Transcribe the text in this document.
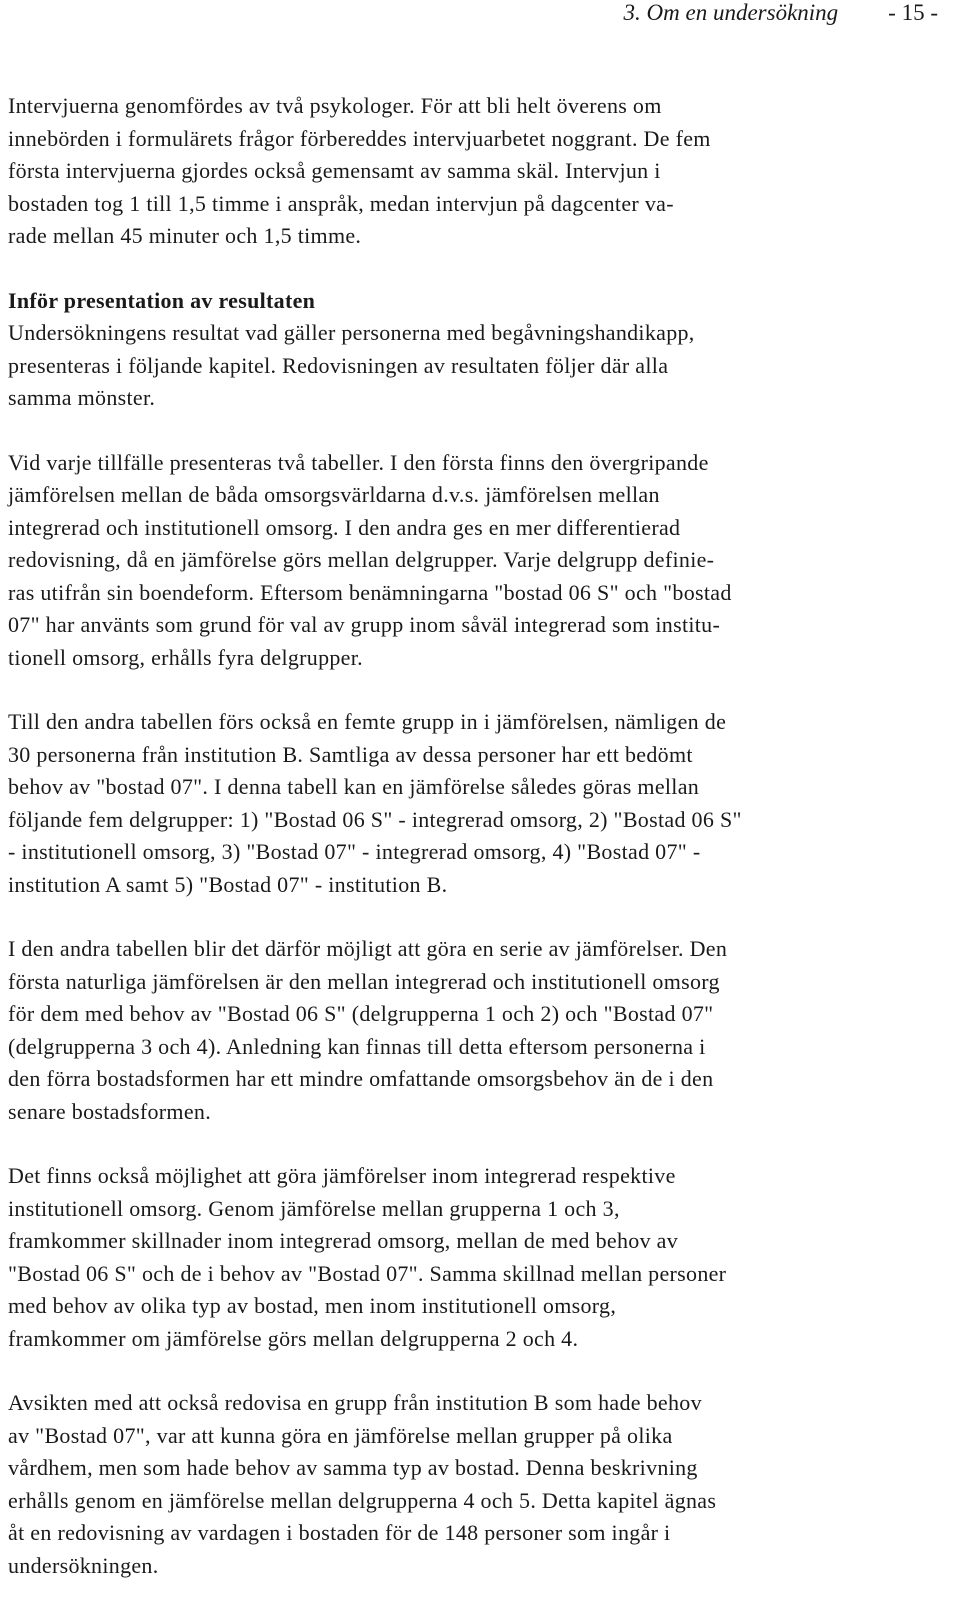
3. Om en undersökning - 15 -

Intervjuerna genomfördes av två psykologer. För att bli helt överens om
innebörden i formulärets frågor förbereddes intervjuarbetet noggrant. De fem
första intervjuerna gjordes också gemensamt av samma skäl. Intervjun i
bostaden tog 1 till 1,5 timme i anspråk, medan intervjun på dagcenter va-
rade mellan 45 minuter och 1,5 timme.

Inför presentation av resultaten
Undersökningens resultat vad gäller personerna med begåvningshandikapp,
presenteras i följande kapitel. Redovisningen av resultaten följer där alla
samma mönster.

Vid varje tillfälle presenteras två tabeller. I den första finns den övergripande
jämförelsen mellan de båda omsorgsvärldarna d.v.s. jämförelsen mellan
integrerad och institutionell omsorg. I den andra ges en mer differentierad
redovisning, då en jämförelse görs mellan delgrupper. Varje delgrupp definie-
ras utifrån sin boendeform. Eftersom benämningarna "bostad 06 S" och "bostad
07" har använts som grund för val av grupp inom såväl integrerad som institu-
tionell omsorg, erhålls fyra delgrupper.

Till den andra tabellen förs också en femte grupp in i jämförelsen, nämligen de
30 personerna från institution B. Samtliga av dessa personer har ett bedömt
behov av "bostad 07". I denna tabell kan en jämförelse således göras mellan
följande fem delgrupper: 1) "Bostad 06 S" - integrerad omsorg, 2) "Bostad 06 S"
- institutionell omsorg, 3) "Bostad 07" - integrerad omsorg, 4) "Bostad 07" -
institution A samt 5) "Bostad 07" - institution B.

I den andra tabellen blir det därför möjligt att göra en serie av jämförelser. Den
första naturliga jämförelsen är den mellan integrerad och institutionell omsorg
för dem med behov av "Bostad 06 S" (delgrupperna 1 och 2) och "Bostad 07"
(delgrupperna 3 och 4). Anledning kan finnas till detta eftersom personerna i
den förra bostadsformen har ett mindre omfattande omsorgsbehov än de i den
senare bostadsformen.

Det finns också möjlighet att göra jämförelser inom integrerad respektive
institutionell omsorg. Genom jämförelse mellan grupperna 1 och 3,
framkommer skillnader inom integrerad omsorg, mellan de med behov av
"Bostad 06 S" och de i behov av "Bostad 07". Samma skillnad mellan personer
med behov av olika typ av bostad, men inom institutionell omsorg,
framkommer om jämförelse görs mellan delgrupperna 2 och 4.

Avsikten med att också redovisa en grupp från institution B som hade behov
av "Bostad 07", var att kunna göra en jämförelse mellan grupper på olika
vårdhem, men som hade behov av samma typ av bostad. Denna beskrivning
erhålls genom en jämförelse mellan delgrupperna 4 och 5. Detta kapitel ägnas
åt en redovisning av vardagen i bostaden för de 148 personer som ingår i
undersökningen.
